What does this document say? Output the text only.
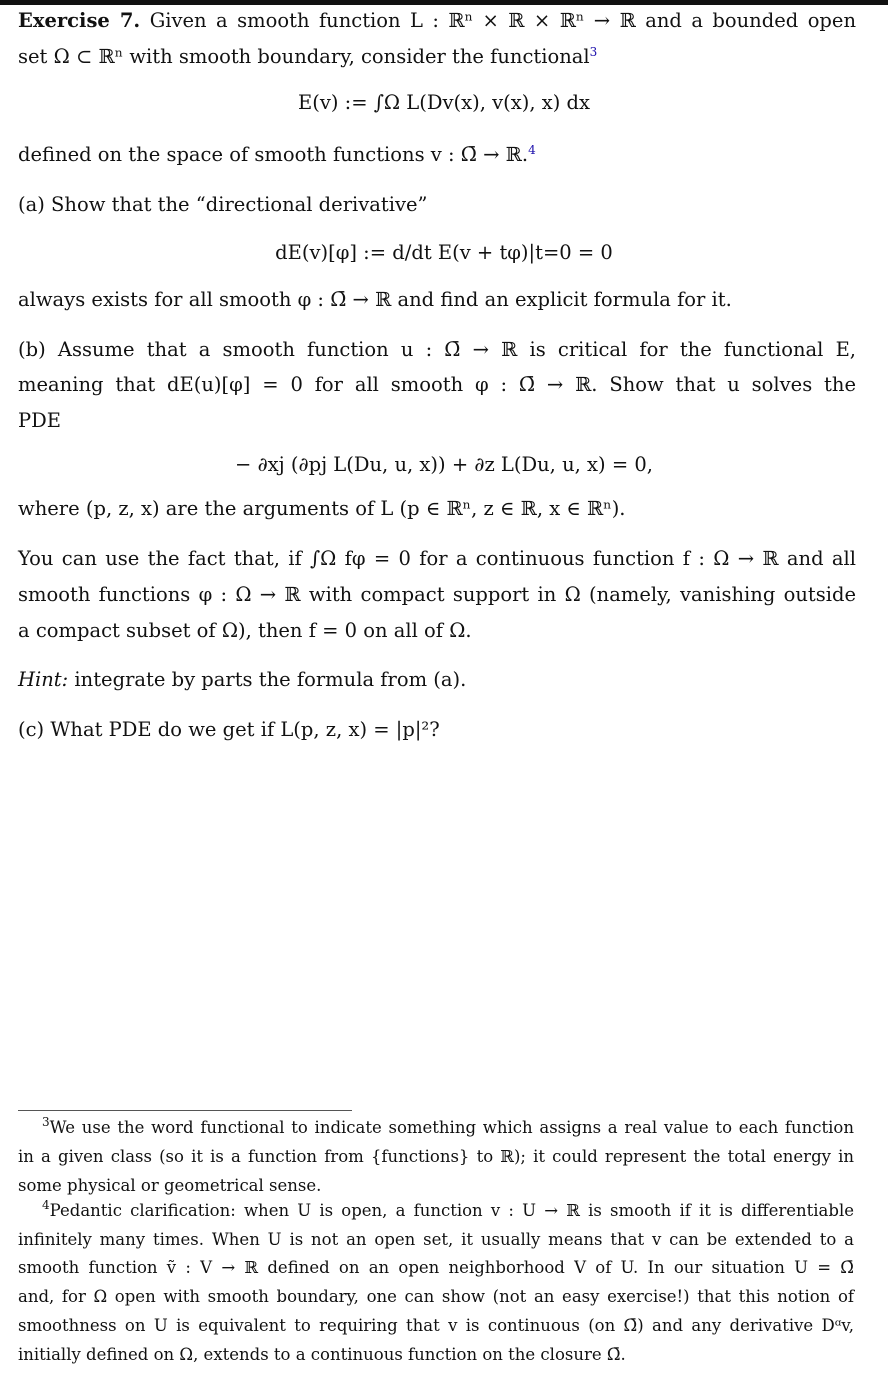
Exercise 7. Given a smooth function L : ℝⁿ × ℝ × ℝⁿ → ℝ and a bounded open
set Ω ⊂ ℝⁿ with smooth boundary, consider the functional$^3$
E(v) := ∫Ω L(Dv(x), v(x), x) dx
defined on the space of smooth functions v : Ω̄ → ℝ.$^4$
(a) Show that the “directional derivative”
dE(v)[φ] := d/dt E(v + tφ)|t=0 = 0
always exists for all smooth φ : Ω̄ → ℝ and find an explicit formula for it.
(b) Assume that a smooth function u : Ω̄ → ℝ is critical for the functional E,
meaning that dE(u)[φ] = 0 for all smooth φ : Ω̄ → ℝ. Show that u solves the
PDE
− ∂xj (∂pj L(Du, u, x)) + ∂z L(Du, u, x) = 0,
where (p, z, x) are the arguments of L (p ∈ ℝⁿ, z ∈ ℝ, x ∈ ℝⁿ).
You can use the fact that, if ∫Ω fφ = 0 for a continuous function f : Ω → ℝ and all
smooth functions φ : Ω → ℝ with compact support in Ω (namely, vanishing outside
a compact subset of Ω), then f = 0 on all of Ω.
Hint: integrate by parts the formula from (a).
(c) What PDE do we get if L(p, z, x) = |p|²?
$^3$We use the word functional to indicate something which assigns a real value to each function
in a given class (so it is a function from {functions} to ℝ); it could represent the total energy in
some physical or geometrical sense.
$^4$Pedantic clarification: when U is open, a function v : U → ℝ is smooth if it is differentiable
infinitely many times. When U is not an open set, it usually means that v can be extended to a
smooth function ṽ : V → ℝ defined on an open neighborhood V of U. In our situation U = Ω̄
and, for Ω open with smooth boundary, one can show (not an easy exercise!) that this notion of
smoothness on U is equivalent to requiring that v is continuous (on Ω̄) and any derivative Dᵅv,
initially defined on Ω, extends to a continuous function on the closure Ω̄.
